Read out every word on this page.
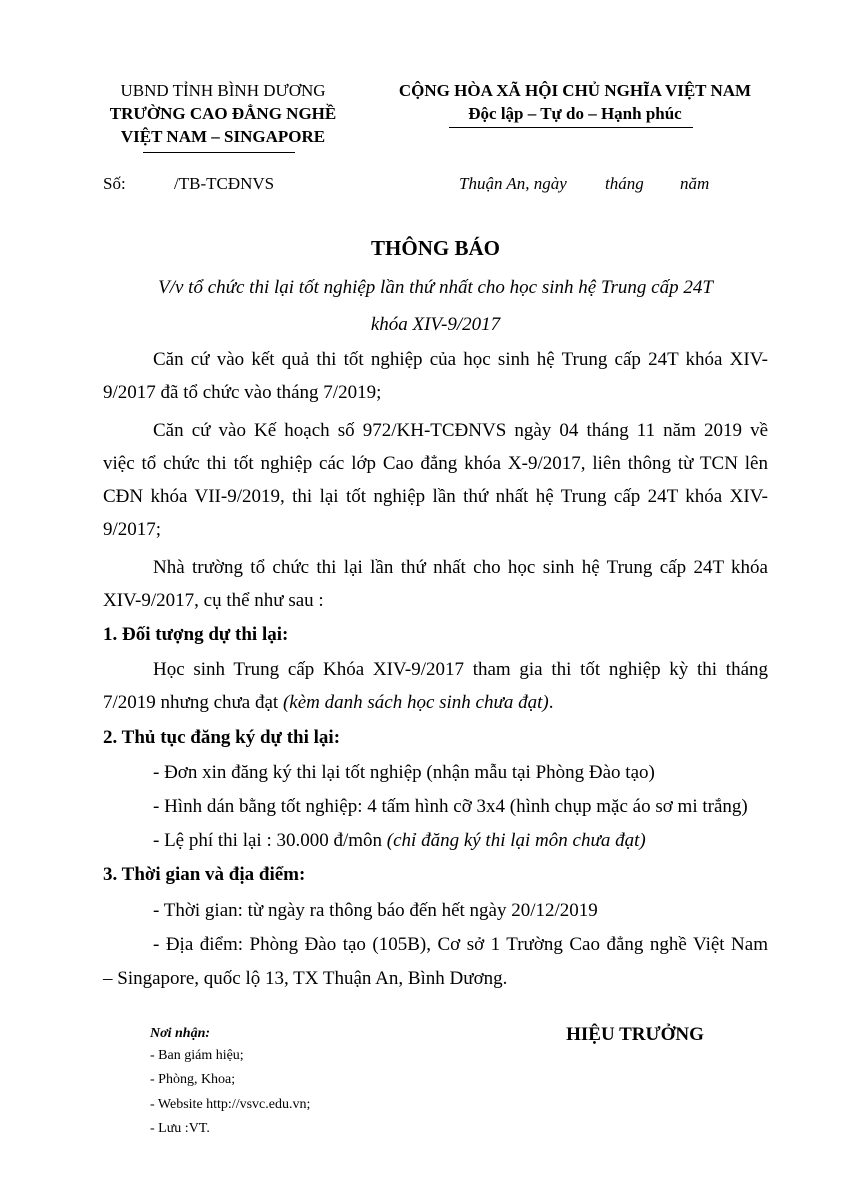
UBND TỈNH BÌNH DƯƠNG
TRƯỜNG CAO ĐẲNG NGHỀ
VIỆT NAM – SINGAPORE
CỘNG HÒA XÃ HỘI CHỦ NGHĨA VIỆT NAM
Độc lập – Tự do – Hạnh phúc
Số:	/TB-TCĐNVS	Thuận An, ngày tháng năm
THÔNG BÁO
V/v tổ chức thi lại tốt nghiệp lần thứ nhất cho học sinh hệ Trung cấp 24T
khóa XIV-9/2017
Căn cứ vào kết quả thi tốt nghiệp của học sinh hệ Trung cấp 24T khóa XIV-
9/2017 đã tổ chức vào tháng 7/2019;
Căn cứ vào Kế hoạch số 972/KH-TCĐNVS ngày 04 tháng 11 năm 2019 về
việc tổ chức thi tốt nghiệp các lớp Cao đẳng khóa X-9/2017, liên thông từ TCN lên
CĐN khóa VII-9/2019, thi lại tốt nghiệp lần thứ nhất hệ Trung cấp 24T khóa XIV-
9/2017;
Nhà trường tổ chức thi lại lần thứ nhất cho học sinh hệ Trung cấp 24T khóa
XIV-9/2017, cụ thể như sau :
1. Đối tượng dự thi lại:
Học sinh Trung cấp Khóa XIV-9/2017 tham gia thi tốt nghiệp kỳ thi tháng
7/2019 nhưng chưa đạt (kèm danh sách học sinh chưa đạt).
2. Thủ tục đăng ký dự thi lại:
- Đơn xin đăng ký thi lại tốt nghiệp (nhận mẫu tại Phòng Đào tạo)
- Hình dán bằng tốt nghiệp: 4 tấm hình cỡ 3x4 (hình chụp mặc áo sơ mi trắng)
- Lệ phí thi lại : 30.000 đ/môn (chỉ đăng ký thi lại môn chưa đạt)
3. Thời gian và địa điểm:
- Thời gian: từ ngày ra thông báo đến hết ngày 20/12/2019
- Địa điểm: Phòng Đào tạo (105B), Cơ sở 1 Trường Cao đẳng nghề Việt Nam
– Singapore, quốc lộ 13, TX Thuận An, Bình Dương.
Nơi nhận:
- Ban giám hiệu;
- Phòng, Khoa;
- Website http://vsvc.edu.vn;
- Lưu :VT.
HIỆU TRƯỞNG
